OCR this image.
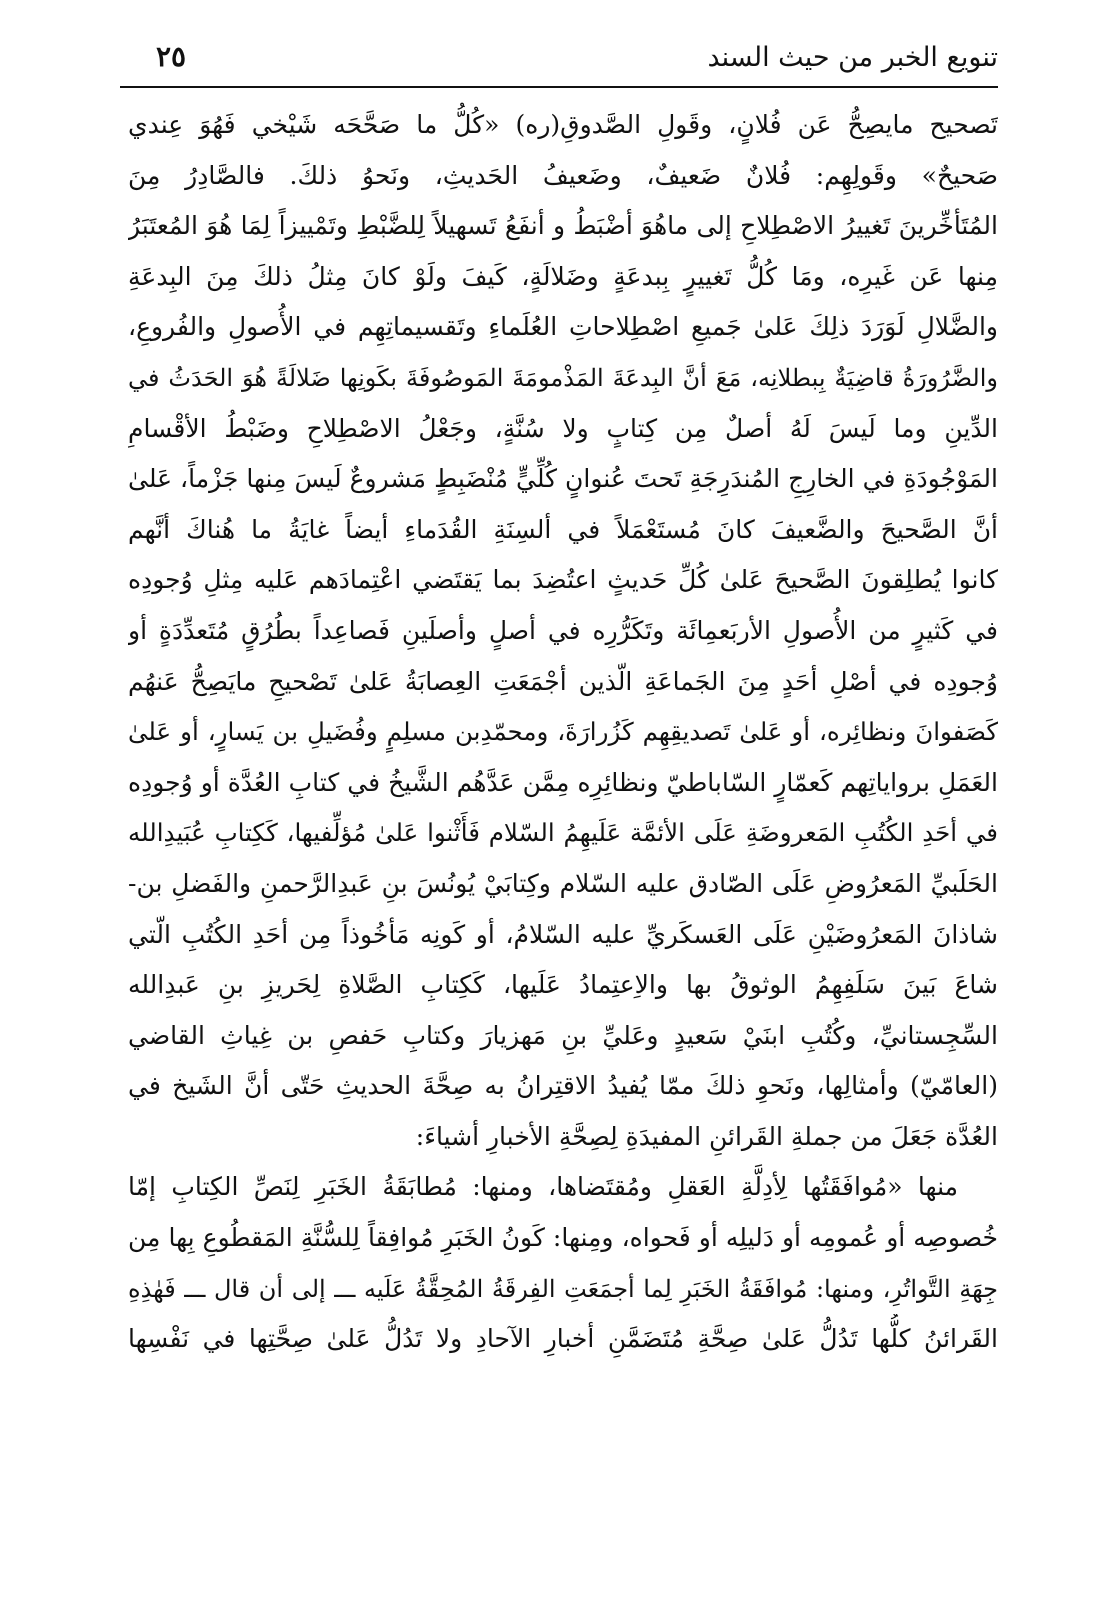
تنويع الخبر من حيث السند
٢٥
تَصحيح مايصِحُّ عَن فُلانٍ، وقَولِ الصَّدوقِ(ره) «كُلُّ ما صَحَّحَه شَيْخي فَهُوَ عِندي
صَحيحٌ» وقَولِهِم: فُلانٌ ضَعيفٌ، وضَعيفُ الحَديثِ، ونَحوُ ذلكَ. فالصَّادِرُ مِنَ
المُتَأخِّرينَ تَغييرُ الاصْطِلاحِ إلى ماهُوَ أضْبَطُ و أنفَعُ تَسهيلاً لِلضَّبْطِ وتَمْييزاً لِمَا هُوَ المُعتَبَرُ
مِنها عَن غَيرِه، ومَا كُلُّ تَغييرٍ بِبدعَةٍ وضَلالَةٍ، كَيفَ ولَوْ كانَ مِثلُ ذلكَ مِنَ البِدعَةِ
والضَّلالِ لَوَرَدَ ذلِكَ عَلىٰ جَميعِ اصْطِلاحاتِ العُلَماءِ وتَقسيماتِهِم في الأُصولِ والفُروعِ،
والضَّرُورَةُ قاضِيَةٌ بِبطلانِه، مَعَ أنَّ البِدعَةَ المَذْمومَةَ المَوصُوفَةَ بكَونِها ضَلالَةً هُوَ الحَدَثُ في
الدِّينِ وما لَيسَ لَهُ أصلٌ مِن كِتابٍ ولا سُنَّةٍ، وجَعْلُ الاصْطِلاحِ وضَبْطُ الأقْسامِ
المَوْجُودَةِ في الخارِجِ المُندَرِجَةِ تَحتَ عُنوانٍ كُلِّيٍّ مُنْضَبِطٍ مَشروعٌ لَيسَ مِنها جَزْماً، عَلىٰ
أنَّ الصَّحيحَ والضَّعيفَ كانَ مُستَعْمَلاً في ألسِنَةِ القُدَماءِ أيضاً غايَةُ ما هُناكَ أنَّهم
كانوا يُطلِقونَ الصَّحيحَ عَلىٰ كُلِّ حَديثٍ اعتُضِدَ بما يَقتَضي اعْتِمادَهم عَليه مِثلِ وُجودِه
في كَثيرٍ من الأُصولِ الأربَعمِائَة وتَكَرُّرِه في أصلٍ وأصلَينِ فَصاعِداً بطُرُقٍ مُتَعدِّدَةٍ أو
وُجودِه في أصْلِ أحَدٍ مِنَ الجَماعَةِ الّذين أجْمَعَتِ العِصابَةُ عَلىٰ تَصْحيحِ مايَصِحُّ عَنهُم
كَصَفوانَ ونظائِره، أو عَلىٰ تَصديقِهِم كَزُرارَةَ، ومحمّدِبن مسلِمٍ وفُضَيلِ بن يَسارٍ، أو عَلىٰ
العَمَلِ برواياتِهم كَعمّارٍ السّاباطيّ ونظائِرِه مِمَّن عَدَّهُم الشَّيخُ في كتابِ العُدَّة أو وُجودِه
في أحَدِ الكُتُبِ المَعروضَةِ عَلَى الأئمَّة عَلَيهِمُ السّلام فَأَثْنوا عَلىٰ مُؤلِّفيها، كَكِتابِ عُبَيدِالله
الحَلَبيِّ المَعرُوضِ عَلَى الصّادق عليه السّلام وكِتابَيْ يُونُسَ بنِ عَبدِالرَّحمنِ والفَضلِ بن-
شاذانَ المَعرُوضَيْنِ عَلَى العَسكَريِّ عليه السّلامُ، أو كَونِه مَأخُوذاً مِن أحَدِ الكُتُبِ الّتي
شاعَ بَينَ سَلَفِهِمُ الوثوقُ بها والاِعتِمادُ عَلَيها، كَكِتابِ الصَّلاةِ لِحَريزِ بنِ عَبدِالله
السِّجِستانيِّ، وكُتُبِ ابنَيْ سَعيدٍ وعَليِّ بنِ مَهزيارَ وكتابِ حَفصِ بن غِياثِ القاضي
(العامّيّ) وأمثالِها، ونَحوِ ذلكَ ممّا يُفيدُ الاقتِرانُ به صِحَّةَ الحديثِ حَتّى أنَّ الشَيخ في
العُدَّة جَعَلَ من جملةِ القَرائنِ المفيدَةِ لِصِحَّةِ الأخبارِ أشياءَ:
منها «مُوافَقَتُها لِأدِلَّةِ العَقلِ ومُقتَضاها، ومنها: مُطابَقَةُ الخَبَرِ لِنَصِّ الكِتابِ إمّا
خُصوصِه أو عُمومِه أو دَليلِه أو فَحواه، ومِنها: كَونُ الخَبَرِ مُوافِقاً لِلسُّنَّةِ المَقطُوعِ بِها مِن
جِهَةِ التَّواتُرِ، ومنها: مُوافَقَةُ الخَبَرِ لِما أجمَعَتِ الفِرقَةُ المُحِقَّةُ عَلَيه ـــ إلى أن قال ـــ فَهٰذِهِ
القَرائنُ كلُّها تَدُلُّ عَلىٰ صِحَّةِ مُتَضَمَّنِ أخبارِ الآحادِ ولا تَدُلُّ عَلىٰ صِحَّتِها في نَفْسِها
